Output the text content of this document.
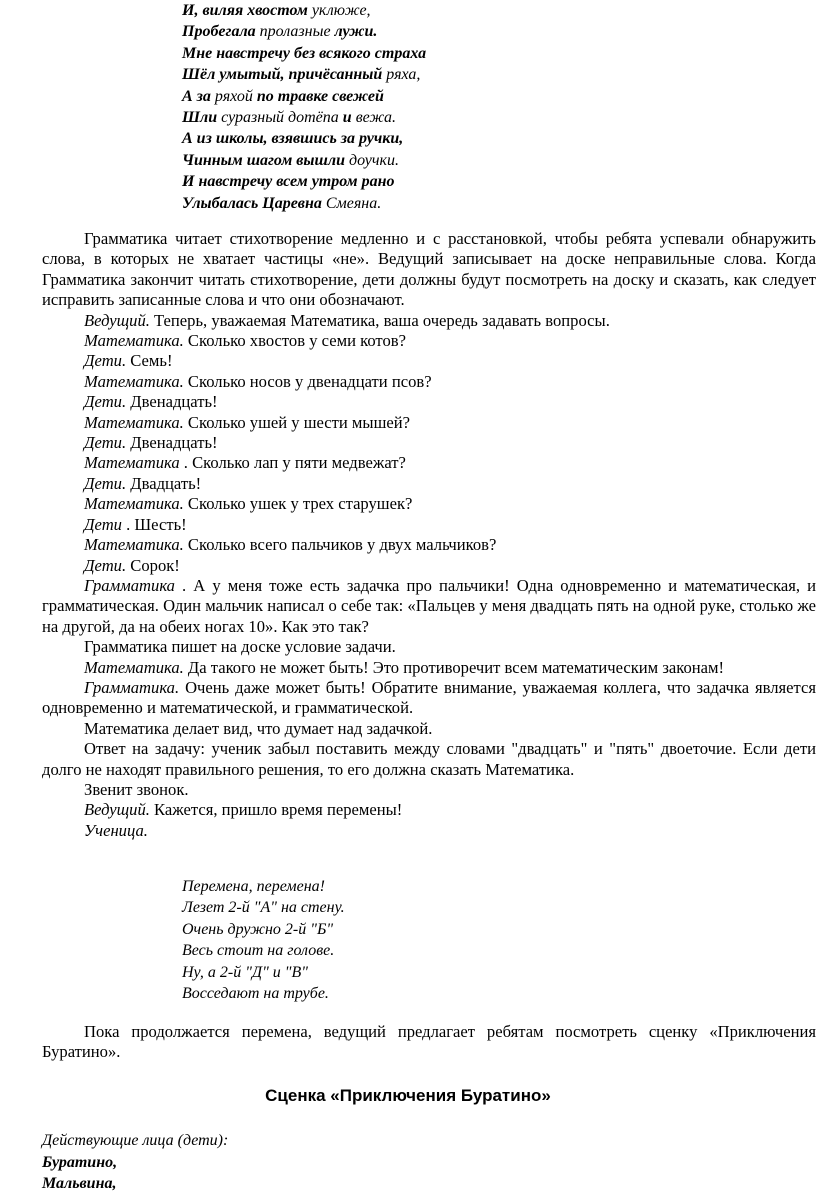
И, виляя хвостом уклюже,
Пробегала пролазные лужи.
Мне навстречу без всякого страха
Шёл умытый, причёсанный ряха,
А за ряхой по травке свежей
Шли суразный дотёпа и вежа.
А из школы, взявшись за ручки,
Чинным шагом вышли доучки.
И навстречу всем утром рано
Улыбалась Царевна Смеяна.

Грамматика читает стихотворение медленно и с расстановкой, чтобы ребята успевали обнаружить слова, в которых не хватает частицы «не». Ведущий записывает на доске неправильные слова. Когда Грамматика закончит читать стихотворение, дети должны будут посмотреть на доску и сказать, как следует исправить записанные слова и что они обозначают.

Ведущий. Теперь, уважаемая Математика, ваша очередь задавать вопросы.

Математика. Сколько хвостов у семи котов?

Дети. Семь!

Математика. Сколько носов у двенадцати псов?

Дети. Двенадцать!

Математика. Сколько ушей у шести мышей?

Дети. Двенадцать!

Математика . Сколько лап у пяти медвежат?

Дети. Двадцать!

Математика. Сколько ушек у трех старушек?

Дети . Шесть!

Математика. Сколько всего пальчиков у двух мальчиков?

Дети. Сорок!

Грамматика . А у меня тоже есть задачка про пальчики! Одна одновременно и математическая, и грамматическая. Один мальчик написал о себе так: «Пальцев у меня двадцать пять на одной руке, столько же на другой, да на обеих ногах 10». Как это так?

Грамматика пишет на доске условие задачи.

Математика. Да такого не может быть! Это противоречит всем математическим законам!

Грамматика. Очень даже может быть! Обратите внимание, уважаемая коллега, что задачка является одновременно и математической, и грамматической.

Математика делает вид, что думает над задачкой.

Ответ на задачу: ученик забыл поставить между словами "двадцать" и "пять" двоеточие. Если дети долго не находят правильного решения, то его должна сказать Математика.

Звенит звонок.

Ведущий. Кажется, пришло время перемены!

Ученица.

Перемена, перемена!
Лезет 2-й "А" на стену.
Очень дружно 2-й "Б"
Весь стоит на голове.
Ну, а 2-й "Д" и "В"
Восседают на трубе.

Пока продолжается перемена, ведущий предлагает ребятам посмотреть сценку «Приключения Буратино».

Сценка «Приключения Буратино»
Действующие лица (дети):
Буратино,
Мальвина,
